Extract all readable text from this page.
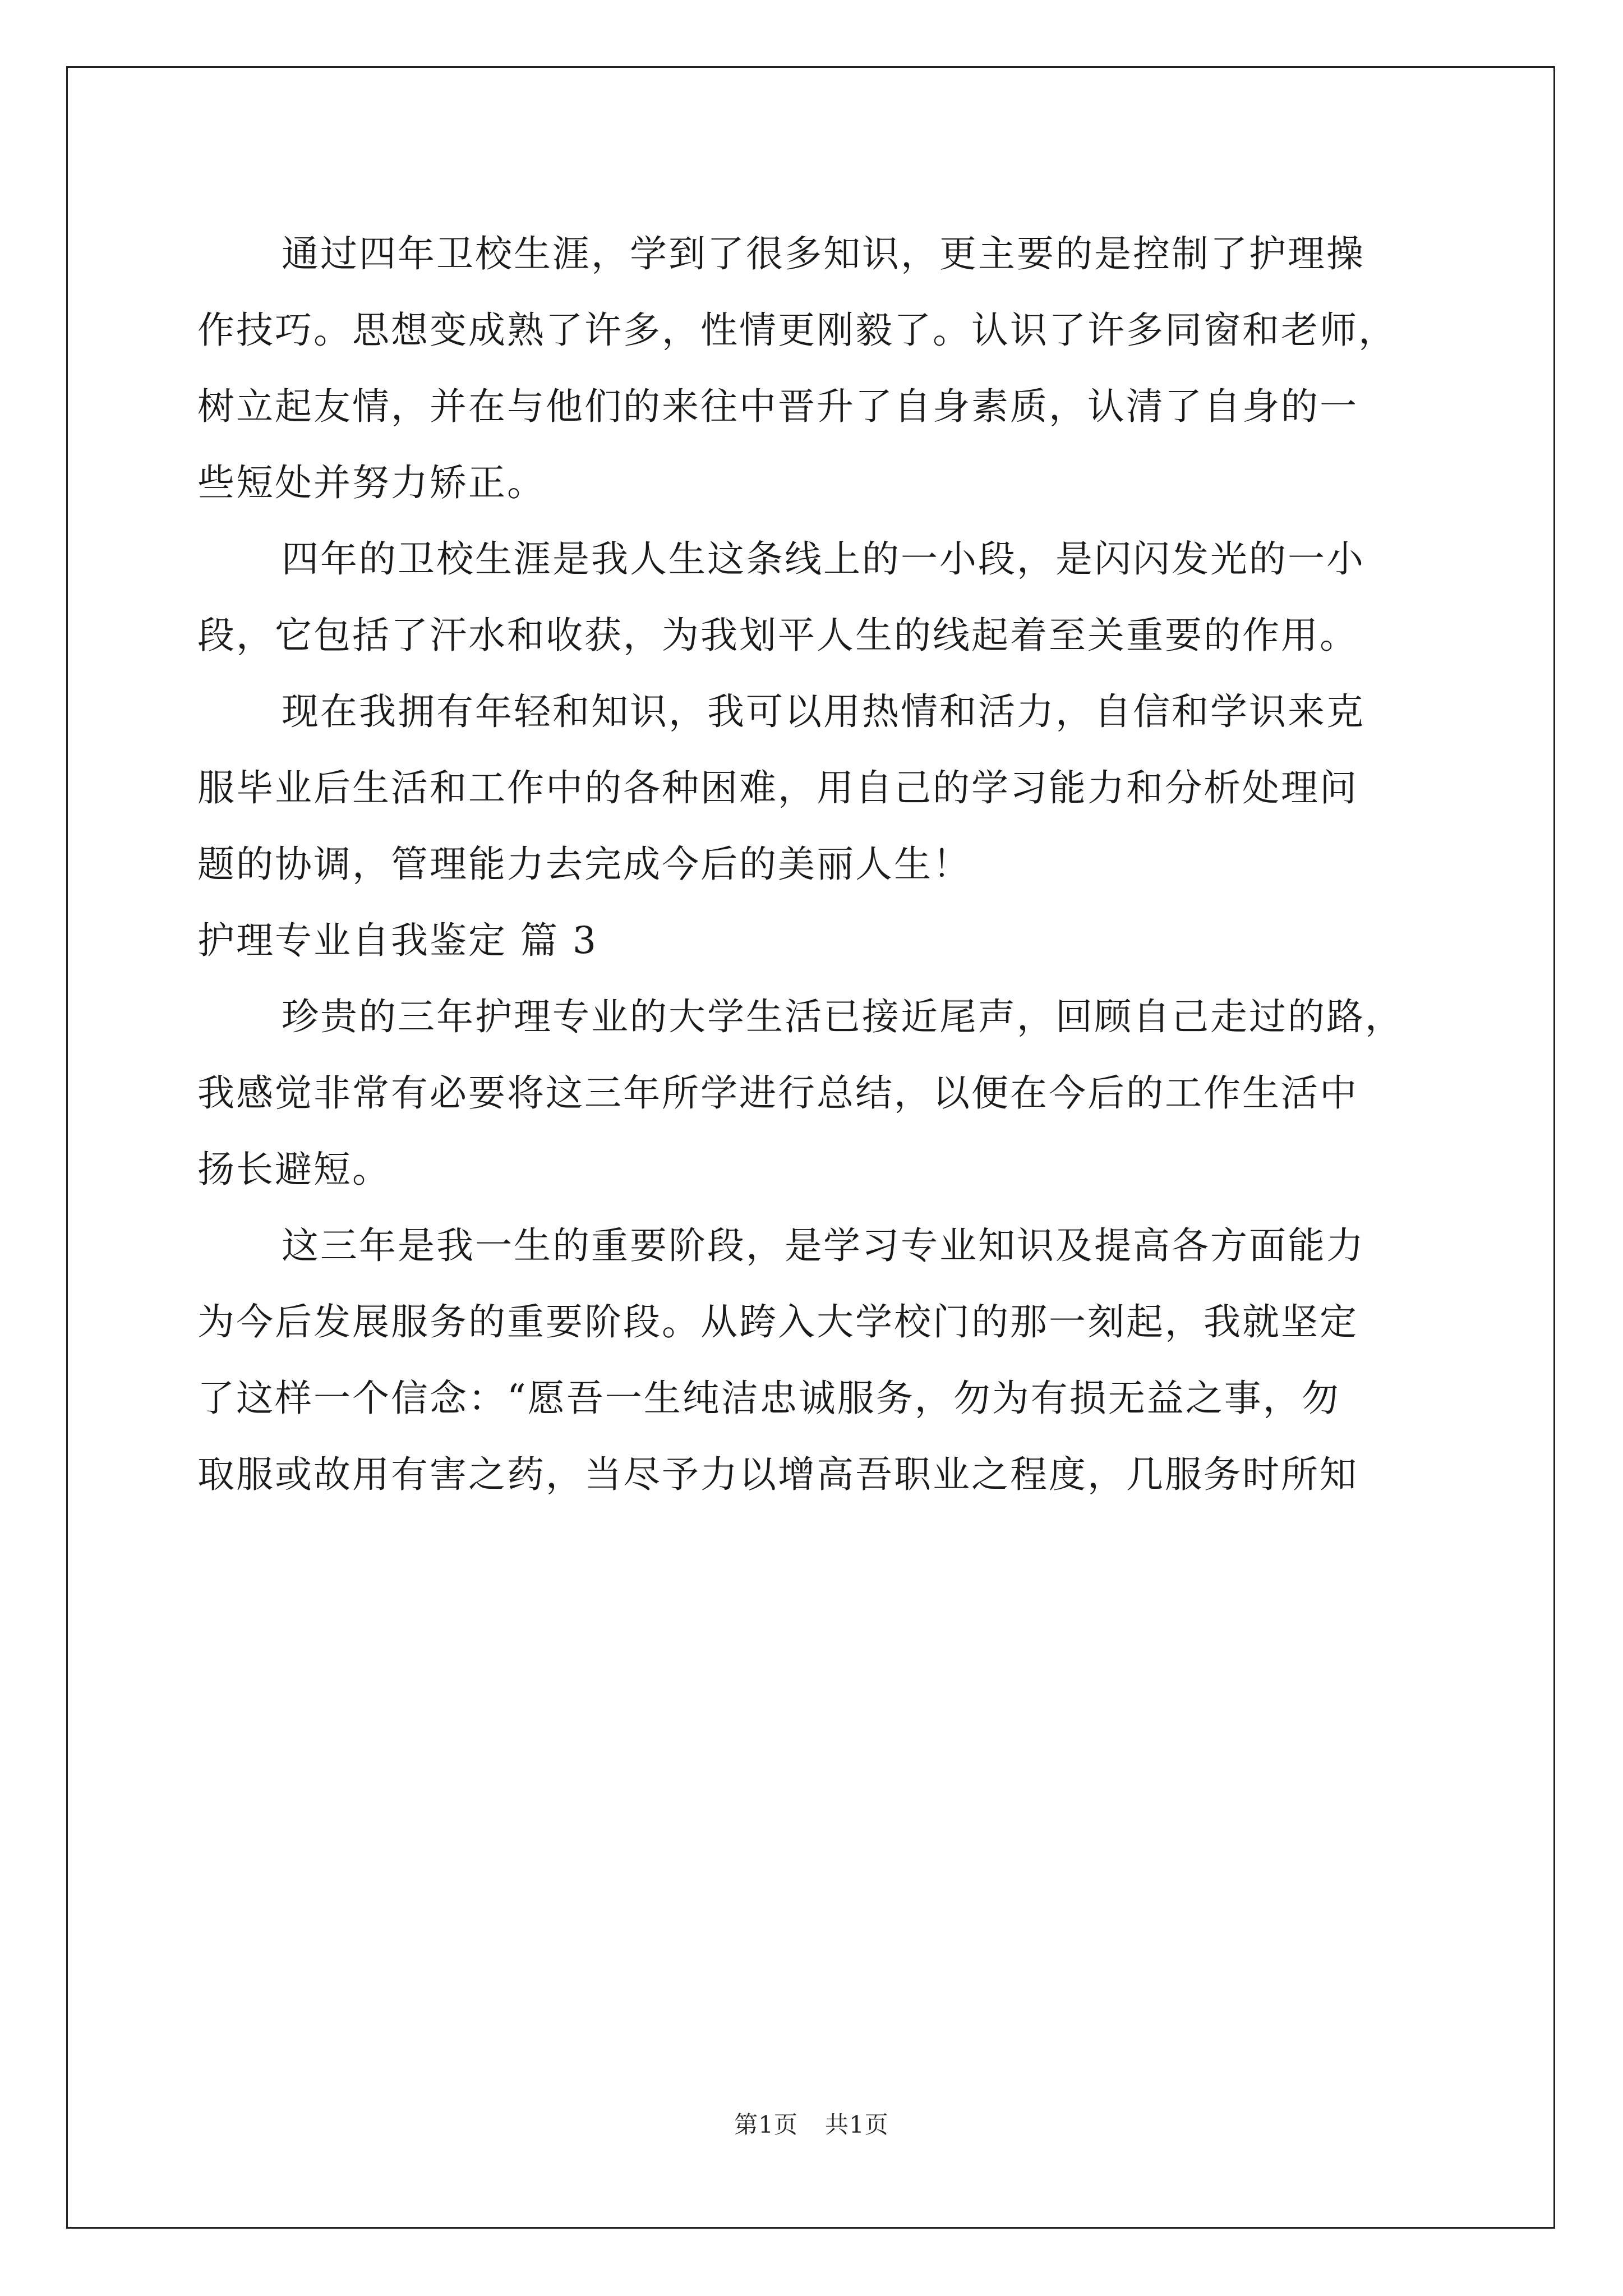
通过四年卫校生涯，学到了很多知识，更主要的是控制了护理操
作技巧。思想变成熟了许多，性情更刚毅了。认识了许多同窗和老师，
树立起友情，并在与他们的来往中晋升了自身素质，认清了自身的一
些短处并努力矫正。
四年的卫校生涯是我人生这条线上的一小段，是闪闪发光的一小
段，它包括了汗水和收获，为我划平人生的线起着至关重要的作用。
现在我拥有年轻和知识，我可以用热情和活力，自信和学识来克
服毕业后生活和工作中的各种困难，用自己的学习能力和分析处理问
题的协调，管理能力去完成今后的美丽人生！
护理专业自我鉴定 篇 3
珍贵的三年护理专业的大学生活已接近尾声，回顾自己走过的路，
我感觉非常有必要将这三年所学进行总结，以便在今后的工作生活中
扬长避短。
这三年是我一生的重要阶段，是学习专业知识及提高各方面能力
为今后发展服务的重要阶段。从跨入大学校门的那一刻起，我就坚定
了这样一个信念：“愿吾一生纯洁忠诚服务，勿为有损无益之事，勿
取服或故用有害之药，当尽予力以增高吾职业之程度，几服务时所知
第1页 共1页
